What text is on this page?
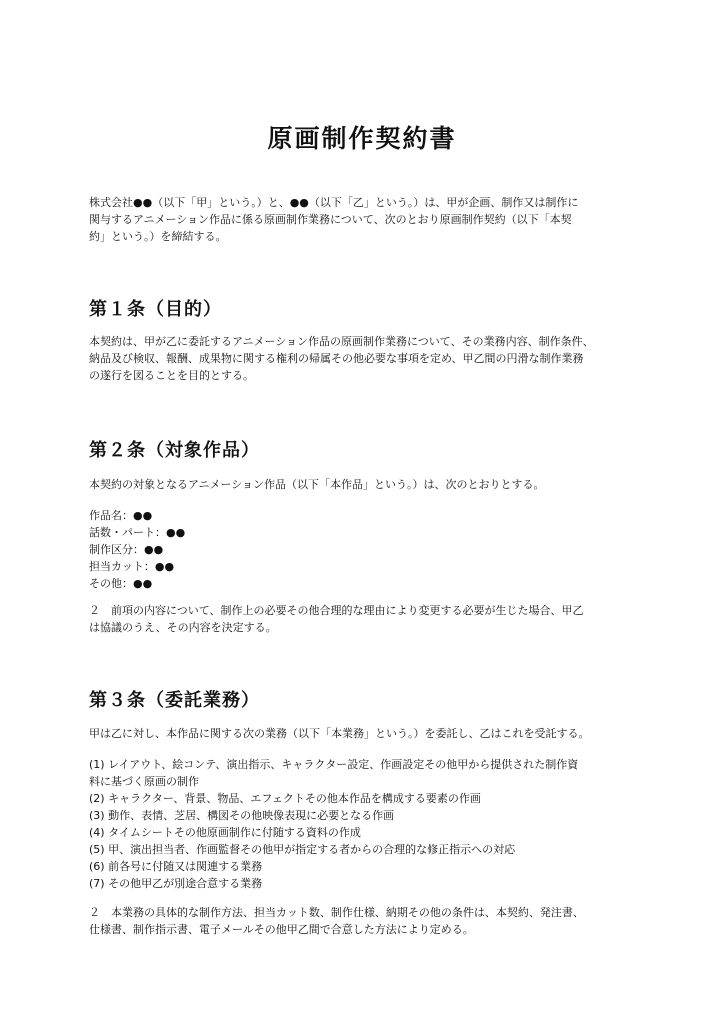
原画制作契約書

株式会社●●（以下「甲」という。）と、●●（以下「乙」という。）は、甲が企画、制作又は制作に

関与するアニメーション作品に係る原画制作業務について、次のとおり原画制作契約（以下「本契

約」という。）を締結する。

第１条（目的）

本契約は、甲が乙に委託するアニメーション作品の原画制作業務について、その業務内容、制作条件、

納品及び検収、報酬、成果物に関する権利の帰属その他必要な事項を定め、甲乙間の円滑な制作業務

の遂行を図ることを目的とする。

第２条（対象作品）
本契約の対象となるアニメーション作品（以下「本作品」という。）は、次のとおりとする。
作品名：●●
話数・パート：●●
制作区分：●●
担当カット：●●
その他：●●

２　前項の内容について、制作上の必要その他合理的な理由により変更する必要が生じた場合、甲乙

は協議のうえ、その内容を決定する。

第３条（委託業務）
甲は乙に対し、本作品に関する次の業務（以下「本業務」という。）を委託し、乙はこれを受託する。
(1) レイアウト、絵コンテ、演出指示、キャラクター設定、作画設定その他甲から提供された制作資
料に基づく原画の制作
(2) キャラクター、背景、物品、エフェクトその他本作品を構成する要素の作画
(3) 動作、表情、芝居、構図その他映像表現に必要となる作画
(4) タイムシートその他原画制作に付随する資料の作成
(5) 甲、演出担当者、作画監督その他甲が指定する者からの合理的な修正指示への対応
(6) 前各号に付随又は関連する業務
(7) その他甲乙が別途合意する業務

２　本業務の具体的な制作方法、担当カット数、制作仕様、納期その他の条件は、本契約、発注書、

仕様書、制作指示書、電子メールその他甲乙間で合意した方法により定める。
